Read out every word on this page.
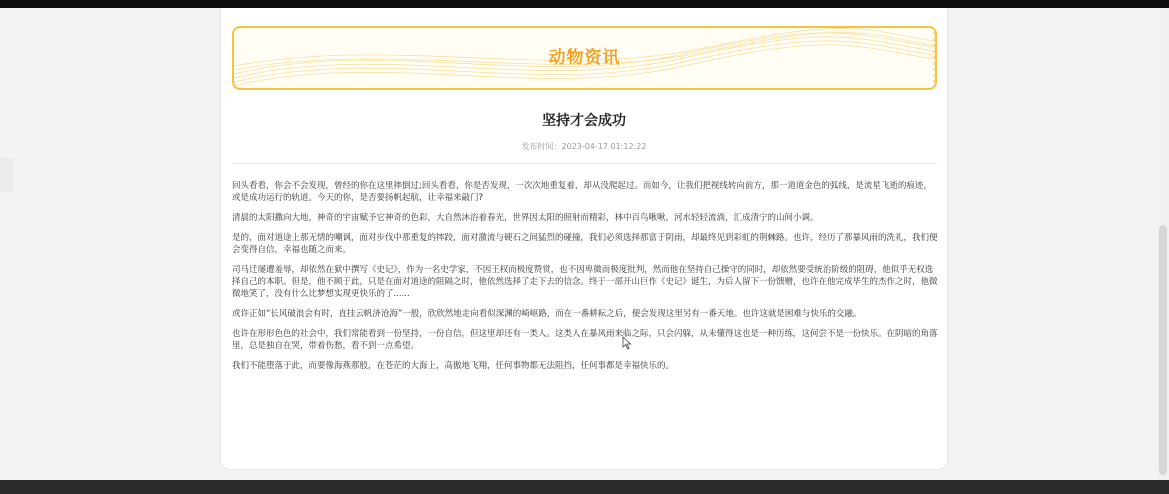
动物资讯
坚持才会成功
发布时间：2023-04-17 01:12:22

回头看看，你会不会发现，曾经的你在这里摔倒过;回头看看，你是否发现，一次次地重复着，却从没爬起过。而如今，让我们把视线转向前方，那一道道金色的弧线，是流星飞逝的痕迹，或是成功运行的轨道。今天的你，是否要扬帆起航，让幸福来敲门?

清晨的太阳撒向大地，神奇的宇宙赋予它神奇的色彩，大自然沐浴着春光，世界因太阳的照射而精彩，林中百鸟啾啾，河水轻轻流淌，汇成清宁的山间小调。

是的，面对道途上那无情的嘲讽，面对步伐中那重复的摔跤，面对激流与硬石之间猛烈的碰撞，我们必须选择那富于阴雨，却最终见到彩虹的荆棘路。也许，经历了那暴风雨的洗礼，我们便会变得自信，幸福也随之而来。

司马迁屡遭羞辱，却依然在狱中撰写《史记》，作为一名史学家，不因王权而极度赞赏，也不因卑微而极度批判，然而他在坚持自己操守的同时，却依然要受统治阶级的阻碍，他似乎无权选择自己的本职。但是，他不顾于此，只是在面对道途的阻隔之时，他依然选择了走下去的信念。终于一部开山巨作《史记》诞生，为后人留下一份馈赠，也许在他完成毕生的杰作之时，他微微地笑了，没有什么比梦想实现更快乐的了......

或许正如“长风破浪会有时，直挂云帆济沧海”一般，欣欣然地走向看似深渊的崎岖路，而在一番耕耘之后，便会发现这里另有一番天地。也许这就是困难与快乐的交融。

也许在形形色色的社会中，我们常能看到一份坚持，一份自信，但这里却还有一类人。这类人在暴风雨来临之际，只会闪躲，从未懂得这也是一种历练，这何尝不是一份快乐。在阴暗的角落里，总是独自在哭，带着伤愁，看不到一点希望。

我们不能堕落于此，而要像海燕那般，在苍茫的大海上，高傲地飞翔，任何事物都无法阻挡，任何事都是幸福快乐的。
